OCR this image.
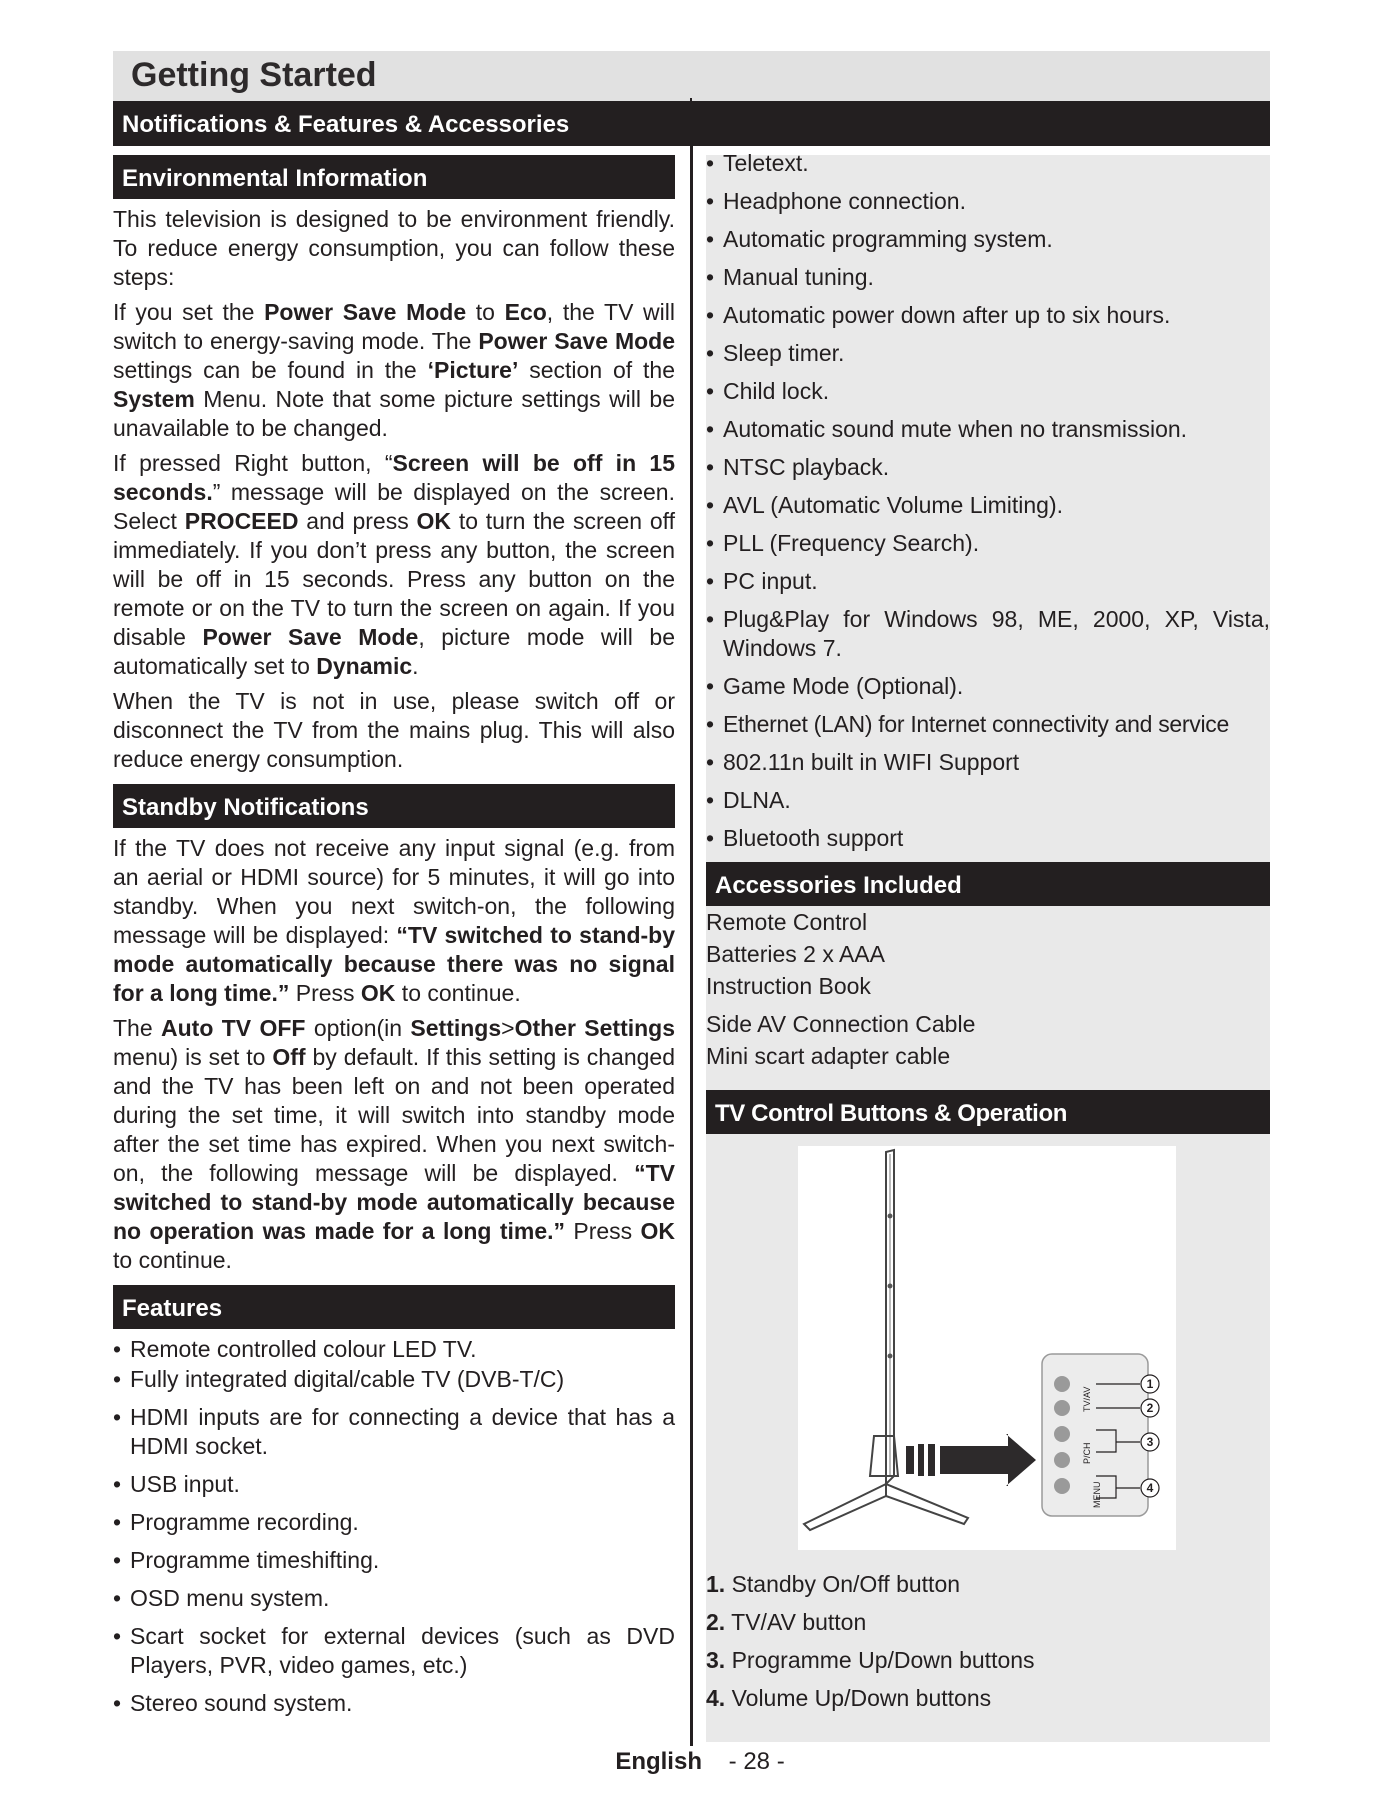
Getting Started
Notifications & Features & Accessories
Environmental Information

This television is designed to be environment friendly. To reduce energy consumption, you can follow these steps:

If you set the Power Save Mode to Eco, the TV will switch to energy-saving mode. The Power Save Mode settings can be found in the ‘Picture’ section of the System Menu. Note that some picture settings will be unavailable to be changed.

If pressed Right button, “Screen will be off in 15 seconds.” message will be displayed on the screen. Select PROCEED and press OK to turn the screen off immediately. If you don’t press any button, the screen will be off in 15 seconds. Press any button on the remote or on the TV to turn the screen on again. If you disable Power Save Mode, picture mode will be automatically set to Dynamic.

When the TV is not in use, please switch off or disconnect the TV from the mains plug. This will also reduce energy consumption.

Standby Notifications

If the TV does not receive any input signal (e.g. from an aerial or HDMI source) for 5 minutes, it will go into standby. When you next switch-on, the following message will be displayed: “TV switched to stand-by mode automatically because there was no signal for a long time.” Press OK to continue.

The Auto TV OFF option(in Settings>Other Settings menu) is set to Off by default. If this setting is changed and the TV has been left on and not been operated during the set time, it will switch into standby mode after the set time has expired. When you next switch-on, the following message will be displayed. “TV switched to stand-by mode automatically because no operation was made for a long time.” Press OK to continue.

Features
• Remote controlled colour LED TV.
• Fully integrated digital/cable TV (DVB-T/C)
• HDMI inputs are for connecting a device that has a HDMI socket.
• USB input.
• Programme recording.
• Programme timeshifting.
• OSD menu system.
• Scart socket for external devices (such as DVD Players, PVR, video games, etc.)
• Stereo sound system.
• Teletext.
• Headphone connection.
• Automatic programming system.
• Manual tuning.
• Automatic power down after up to six hours.
• Sleep timer.
• Child lock.
• Automatic sound mute when no transmission.
• NTSC playback.
• AVL (Automatic Volume Limiting).
• PLL (Frequency Search).
• PC input.
• Plug&Play for Windows 98, ME, 2000, XP, Vista, Windows 7.
• Game Mode (Optional).
• Ethernet (LAN) for Internet connectivity and service
• 802.11n built in WIFI Support
• DLNA.
• Bluetooth support
Accessories Included
Remote Control
Batteries 2 x AAA
Instruction Book
Side AV Connection Cable
Mini scart adapter cable
TV Control Buttons & Operation
TV/AV
P/CH
MENU
1
2
3
4
1. Standby On/Off button
2. TV/AV button
3. Programme Up/Down buttons
4. Volume Up/Down buttons
English - 28 -
